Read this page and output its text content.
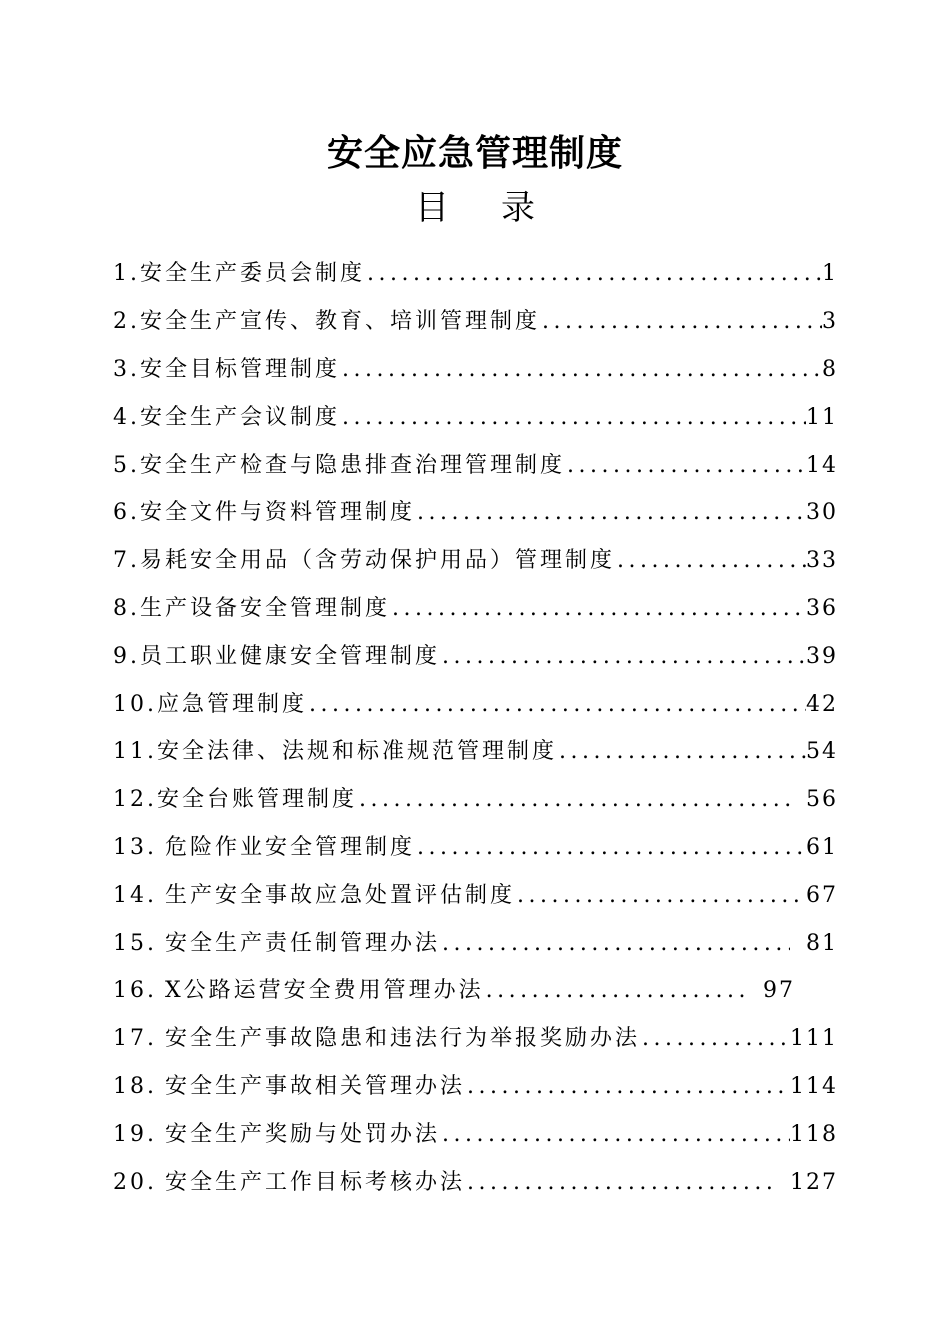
安全应急管理制度
目 录
1. 安全生产委员会制度 .....	1
2. 安全生产宣传、教育、培训管理制度 .....	3
3. 安全目标管理制度 .....	8
4. 安全生产会议制度 .....	11
5. 安全生产检查与隐患排查治理管理制度 .....	14
6. 安全文件与资料管理制度 .....	30
7. 易耗安全用品（含劳动保护用品）管理制度 .....	33
8. 生产设备安全管理制度 .....	36
9. 员工职业健康安全管理制度 .....	39
10. 应急管理制度 .....	42
11. 安全法律、法规和标准规范管理制度 .....	54
12. 安全台账管理制度 .....	56
13. 危险作业安全管理制度 .....	61
14. 生产安全事故应急处置评估制度 .....	67
15. 安全生产责任制管理办法 .....	81
16. X公路运营安全费用管理办法 .....	97
17. 安全生产事故隐患和违法行为举报奖励办法 .....	111
18. 安全生产事故相关管理办法 .....	114
19. 安全生产奖励与处罚办法 .....	118
20. 安全生产工作目标考核办法 .....	127
